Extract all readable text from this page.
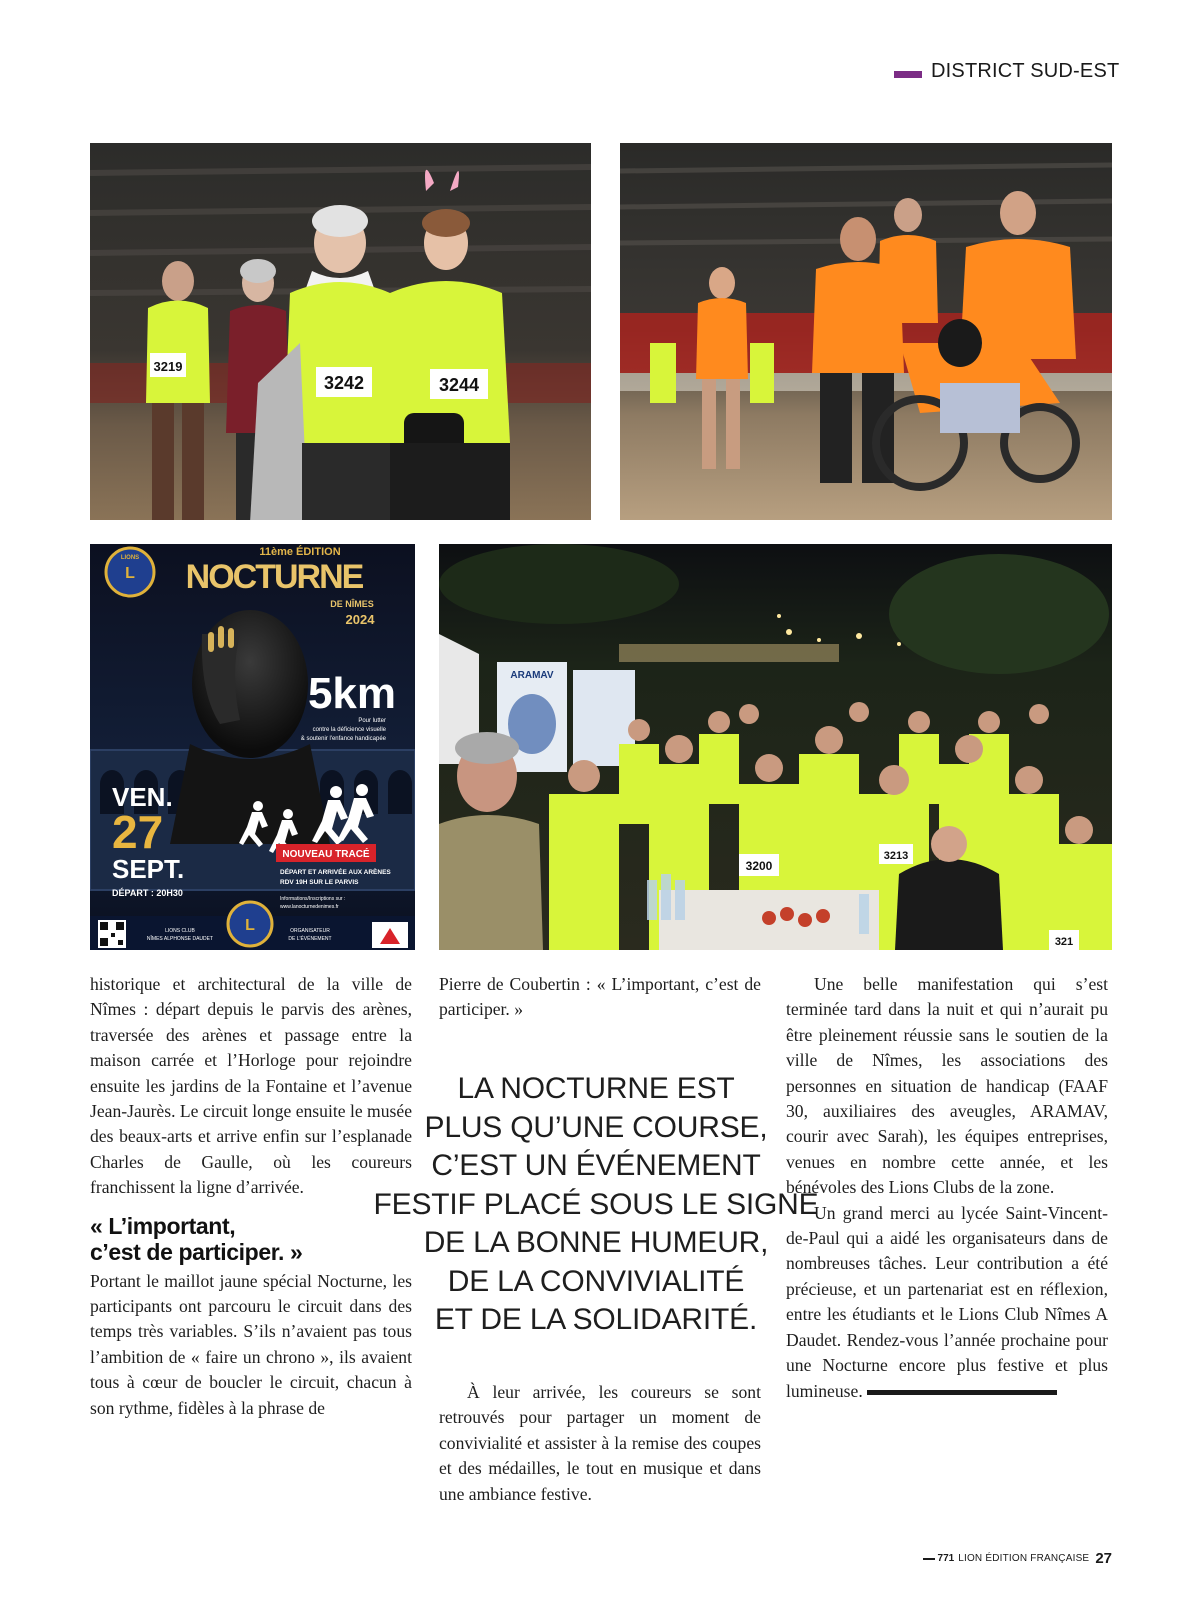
DISTRICT SUD-EST
3219
3242	3244
L
LIONS	11ème ÉDITION
NOCTURNE
DE NÎMES
2024
5km
Pour lutter
contre la déficience visuelle
& soutenir l'enfance handicapée
VEN.
27
SEPT.
DÉPART : 20H30
NOUVEAU TRACÉ
DÉPART ET ARRIVÉE AUX ARÈNES
RDV 19H SUR LE PARVIS
Informations/Inscriptions sur :
www.lanocturnedenimes.fr
LIONS CLUB
NÎMES ALPHONSE DAUDET
L	ORGANISATEUR
DE L'ÉVÉNEMENT
ARAMAV
3200
3213
321

historique et architectural de la ville de Nîmes : départ depuis le parvis des arènes, traversée des arènes et passage entre la maison carrée et l’Horloge pour rejoindre ensuite les jardins de la Fontaine et l’avenue Jean-Jaurès. Le circuit longe ensuite le musée des beaux-arts et arrive enfin sur l’esplanade Charles de Gaulle, où les coureurs franchissent la ligne d’arrivée.

« L’important,
c’est de participer. »

Portant le maillot jaune spécial Nocturne, les participants ont parcouru le circuit dans des temps très variables. S’ils n’avaient pas tous l’ambition de « faire un chrono », ils avaient tous à cœur de boucler le circuit, chacun à son rythme, fidèles à la phrase de

Pierre de Coubertin : « L’important, c’est de participer. »

LA NOCTURNE EST
PLUS QU’UNE COURSE,
C’EST UN ÉVÉNEMENT
FESTIF PLACÉ SOUS LE SIGNE
DE LA BONNE HUMEUR,
DE LA CONVIVIALITÉ
ET DE LA SOLIDARITÉ.

À leur arrivée, les coureurs se sont retrouvés pour partager un moment de convivialité et assister à la remise des coupes et des médailles, le tout en musique et dans une ambiance festive.

Une belle manifestation qui s’est terminée tard dans la nuit et qui n’aurait pu être pleinement réussie sans le soutien de la ville de Nîmes, les associations des personnes en situation de handicap (FAAF 30, auxiliaires des aveugles, ARAMAV, courir avec Sarah), les équipes entreprises, venues en nombre cette année, et les bénévoles des Lions Clubs de la zone.

Un grand merci au lycée Saint-Vincent-de-Paul qui a aidé les organisateurs dans de nombreuses tâches. Leur contribution a été précieuse, et un partenariat est en réflexion, entre les étudiants et le Lions Club Nîmes A Daudet. Rendez-vous l’année prochaine pour une Nocturne encore plus festive et plus lumineuse.

771 LION ÉDITION FRANÇAISE 27
